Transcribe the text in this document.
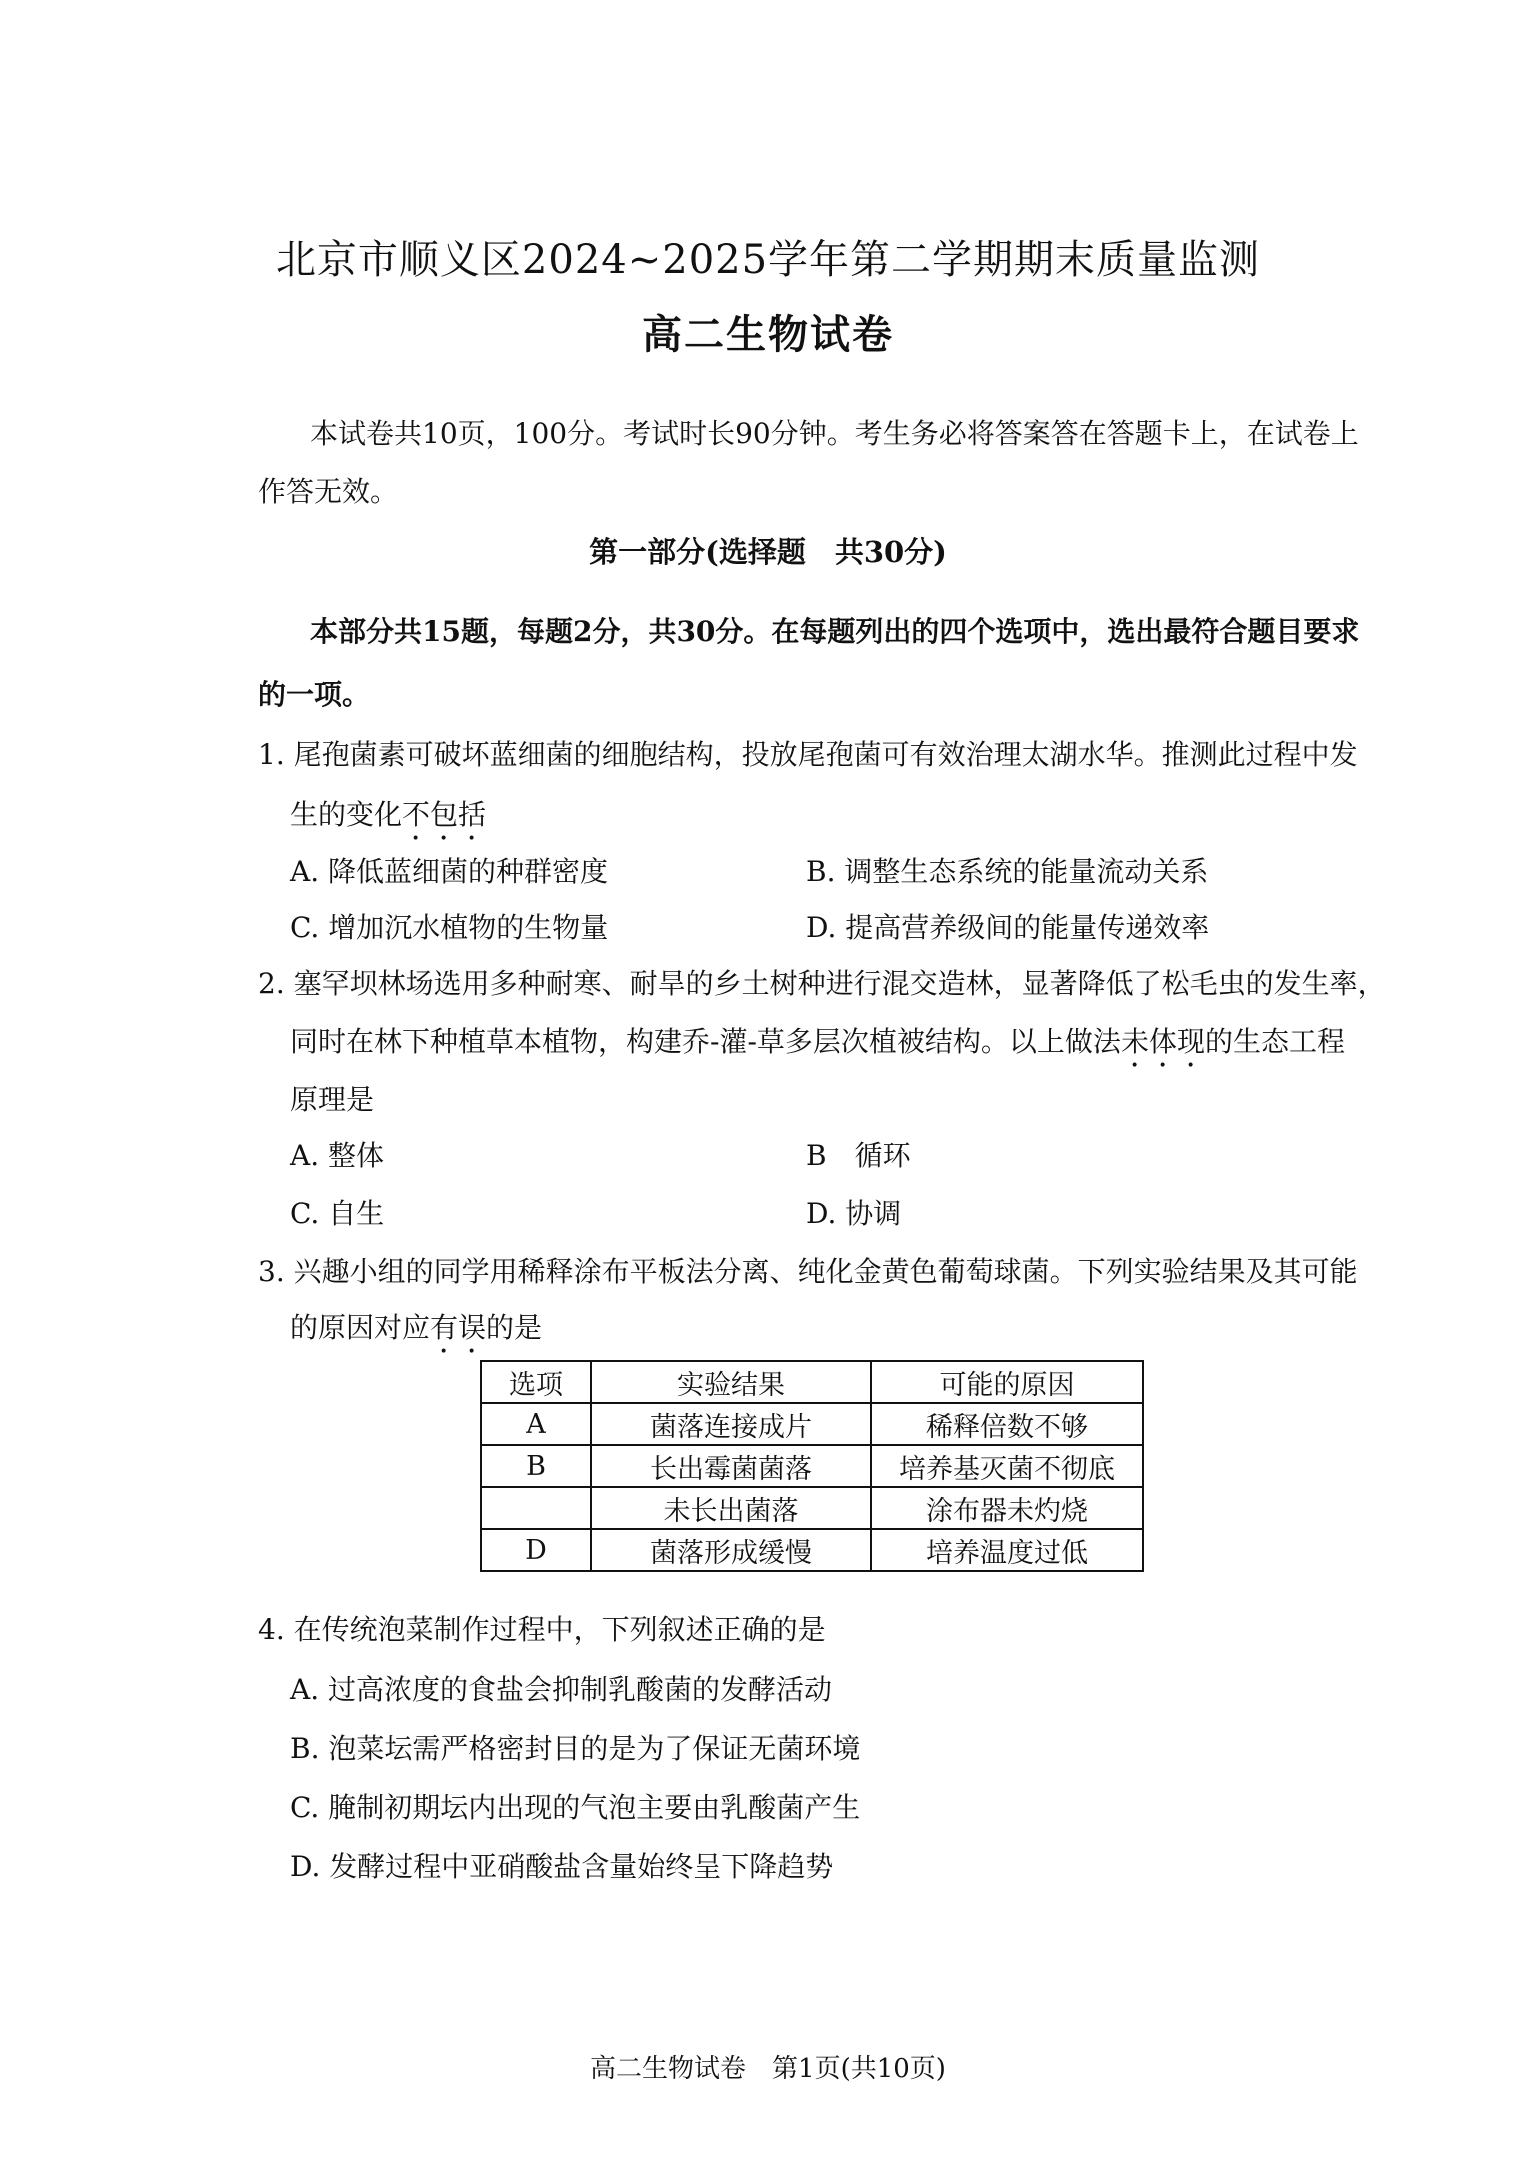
北京市顺义区2024~2025学年第二学期期末质量监测
高二生物试卷
本试卷共10页，100分。考试时长90分钟。考生务必将答案答在答题卡上，在试卷上
作答无效。
第一部分(选择题　共30分)
本部分共15题，每题2分，共30分。在每题列出的四个选项中，选出最符合题目要求
的一项。
1. 尾孢菌素可破坏蓝细菌的细胞结构，投放尾孢菌可有效治理太湖水华。推测此过程中发
生的变化不包括
A. 降低蓝细菌的种群密度	B. 调整生态系统的能量流动关系
C. 增加沉水植物的生物量	D. 提高营养级间的能量传递效率
2. 塞罕坝林场选用多种耐寒、耐旱的乡土树种进行混交造林，显著降低了松毛虫的发生率，
同时在林下种植草本植物，构建乔-灌-草多层次植被结构。以上做法未体现的生态工程
原理是
A. 整体	B　循环
C. 自生	D. 协调
3. 兴趣小组的同学用稀释涂布平板法分离、纯化金黄色葡萄球菌。下列实验结果及其可能
的原因对应有误的是
选项	实验结果	可能的原因
A	菌落连接成片	稀释倍数不够
B	长出霉菌菌落	培养基灭菌不彻底
	未长出菌落	涂布器未灼烧
D	菌落形成缓慢	培养温度过低
4. 在传统泡菜制作过程中，下列叙述正确的是
A. 过高浓度的食盐会抑制乳酸菌的发酵活动
B. 泡菜坛需严格密封目的是为了保证无菌环境
C. 腌制初期坛内出现的气泡主要由乳酸菌产生
D. 发酵过程中亚硝酸盐含量始终呈下降趋势
高二生物试卷　第1页(共10页)
